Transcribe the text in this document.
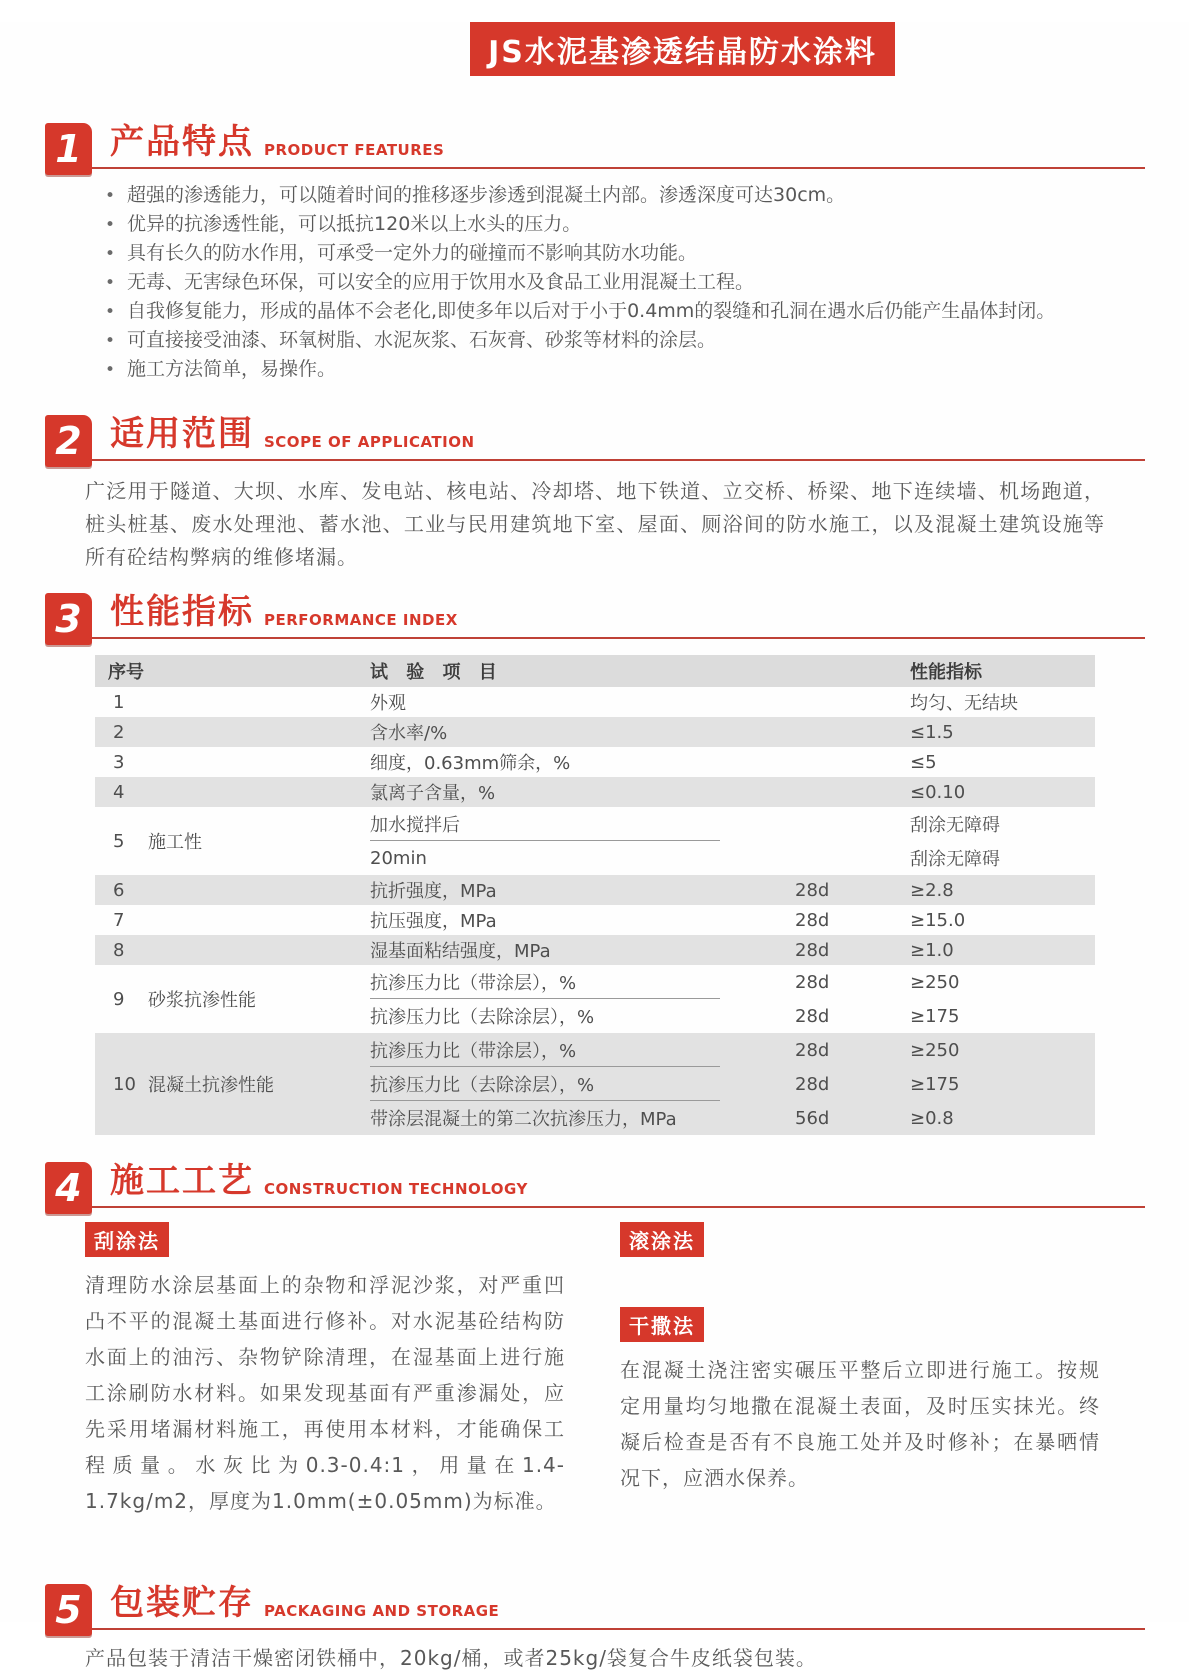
JS水泥基渗透结晶防水涂料
1 产品特点 PRODUCT FEATURES
• 超强的渗透能力，可以随着时间的推移逐步渗透到混凝土内部。渗透深度可达30cm。
• 优异的抗渗透性能，可以抵抗120米以上水头的压力。
• 具有长久的防水作用，可承受一定外力的碰撞而不影响其防水功能。
• 无毒、无害绿色环保，可以安全的应用于饮用水及食品工业用混凝土工程。
• 自我修复能力，形成的晶体不会老化,即使多年以后对于小于0.4mm的裂缝和孔洞在遇水后仍能产生晶体封闭。
• 可直接接受油漆、环氧树脂、水泥灰浆、石灰膏、砂浆等材料的涂层。
• 施工方法简单，易操作。
2 适用范围 SCOPE OF APPLICATION

广泛用于隧道、大坝、水库、发电站、核电站、冷却塔、地下铁道、立交桥、桥梁、地下连续墙、机场跑道，桩头桩基、废水处理池、蓄水池、工业与民用建筑地下室、屋面、厕浴间的防水施工，以及混凝土建筑设施等所有砼结构弊病的维修堵漏。

3 性能指标 PERFORMANCE INDEX
序号	试 验 项 目	性能指标
1	外观	均匀、无结块
2	含水率/%	≤1.5
3	细度，0.63mm筛余，%	≤5
4	氯离子含量，%	≤0.10
5	施工性
加水搅拌后	刮涂无障碍
20min	刮涂无障碍
6	抗折强度，MPa	28d	≥2.8
7	抗压强度，MPa	28d	≥15.0
8	湿基面粘结强度，MPa	28d	≥1.0
9	砂浆抗渗性能
抗渗压力比（带涂层），%	28d	≥250
抗渗压力比（去除涂层），%	28d	≥175
10 混凝土抗渗性能
抗渗压力比（带涂层），%	28d	≥250
抗渗压力比（去除涂层），%	28d	≥175
带涂层混凝土的第二次抗渗压力，MPa	56d	≥0.8
4 施工工艺 CONSTRUCTION TECHNOLOGY
刮涂法
清理防水涂层基面上的杂物和浮泥沙浆，对严重凹凸不平的混凝土基面进行修补。对水泥基砼结构防水面上的油污、杂物铲除清理，在湿基面上进行施工涂刷防水材料。如果发现基面有严重渗漏处，应先采用堵漏材料施工，再使用本材料，才能确保工程质量。水灰比为0.3-0.4:1，用量在1.4-1.7kg/m2，厚度为1.0mm(±0.05mm)为标准。
滚涂法
干撒法
在混凝土浇注密实碾压平整后立即进行施工。按规定用量均匀地撒在混凝土表面，及时压实抹光。终凝后检查是否有不良施工处并及时修补；在暴晒情况下，应洒水保养。
5 包装贮存 PACKAGING AND STORAGE

产品包装于清洁干燥密闭铁桶中，20kg/桶，或者25kg/袋复合牛皮纸袋包装。
